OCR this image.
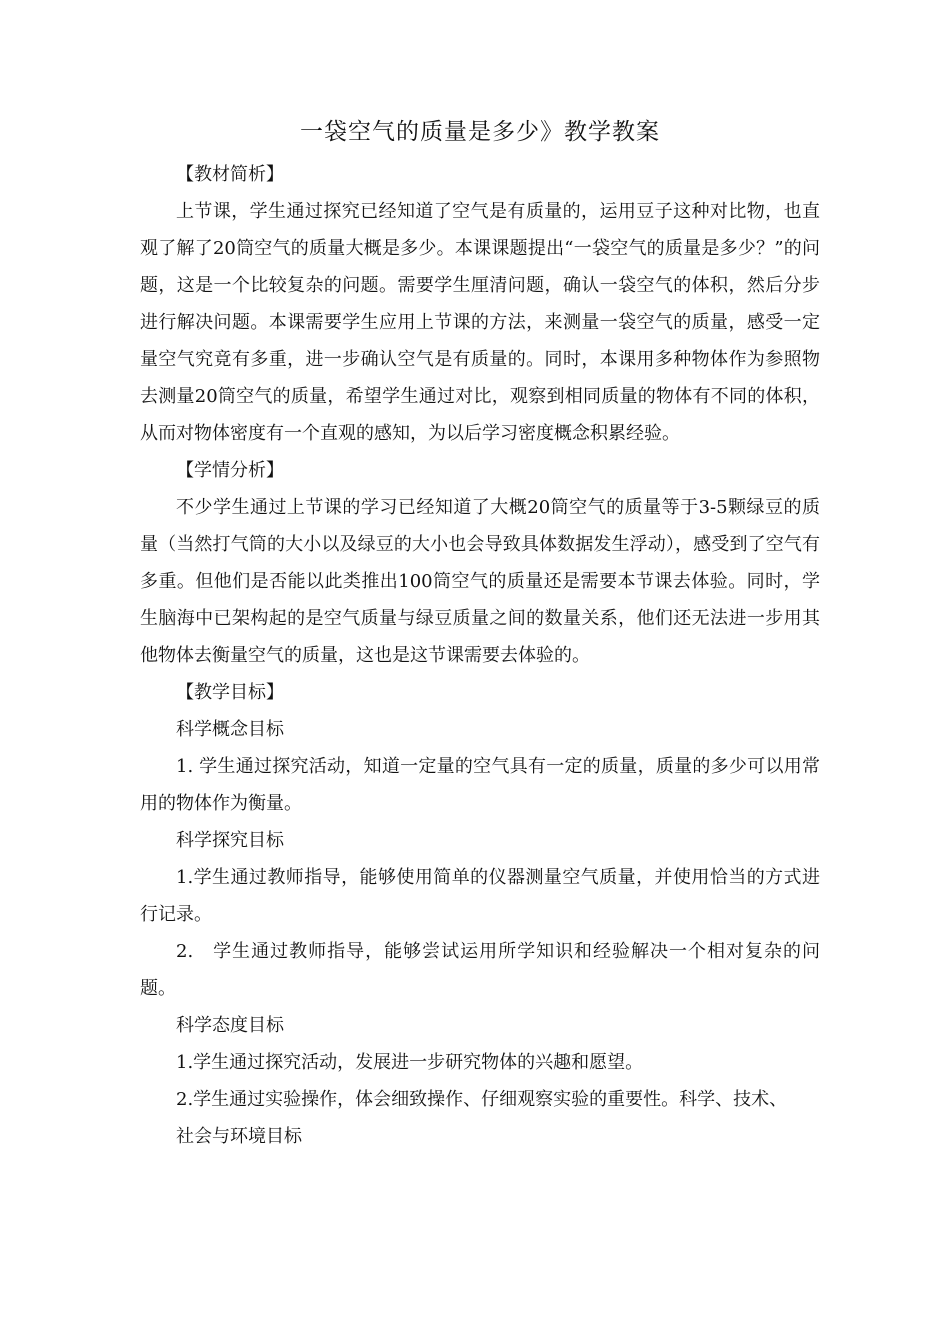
一袋空气的质量是多少》教学教案

【教材简析】

上节课，学生通过探究已经知道了空气是有质量的，运用豆子这种对比物，也直观了解了20筒空气的质量大概是多少。本课课题提出“一袋空气的质量是多少？”的问题，这是一个比较复杂的问题。需要学生厘清问题，确认一袋空气的体积，然后分步进行解决问题。本课需要学生应用上节课的方法，来测量一袋空气的质量，感受一定量空气究竟有多重，进一步确认空气是有质量的。同时，本课用多种物体作为参照物去测量20筒空气的质量，希望学生通过对比，观察到相同质量的物体有不同的体积，从而对物体密度有一个直观的感知，为以后学习密度概念积累经验。

【学情分析】

不少学生通过上节课的学习已经知道了大概20筒空气的质量等于3-5颗绿豆的质量（当然打气筒的大小以及绿豆的大小也会导致具体数据发生浮动），感受到了空气有多重。但他们是否能以此类推出100筒空气的质量还是需要本节课去体验。同时，学生脑海中已架构起的是空气质量与绿豆质量之间的数量关系，他们还无法进一步用其他物体去衡量空气的质量，这也是这节课需要去体验的。

【教学目标】

科学概念目标

1. 学生通过探究活动，知道一定量的空气具有一定的质量，质量的多少可以用常用的物体作为衡量。

科学探究目标

1.学生通过教师指导，能够使用简单的仪器测量空气质量，并使用恰当的方式进行记录。

2.　学生通过教师指导，能够尝试运用所学知识和经验解决一个相对复杂的问题。

科学态度目标

1.学生通过探究活动，发展进一步研究物体的兴趣和愿望。

2.学生通过实验操作，体会细致操作、仔细观察实验的重要性。科学、技术、

社会与环境目标
